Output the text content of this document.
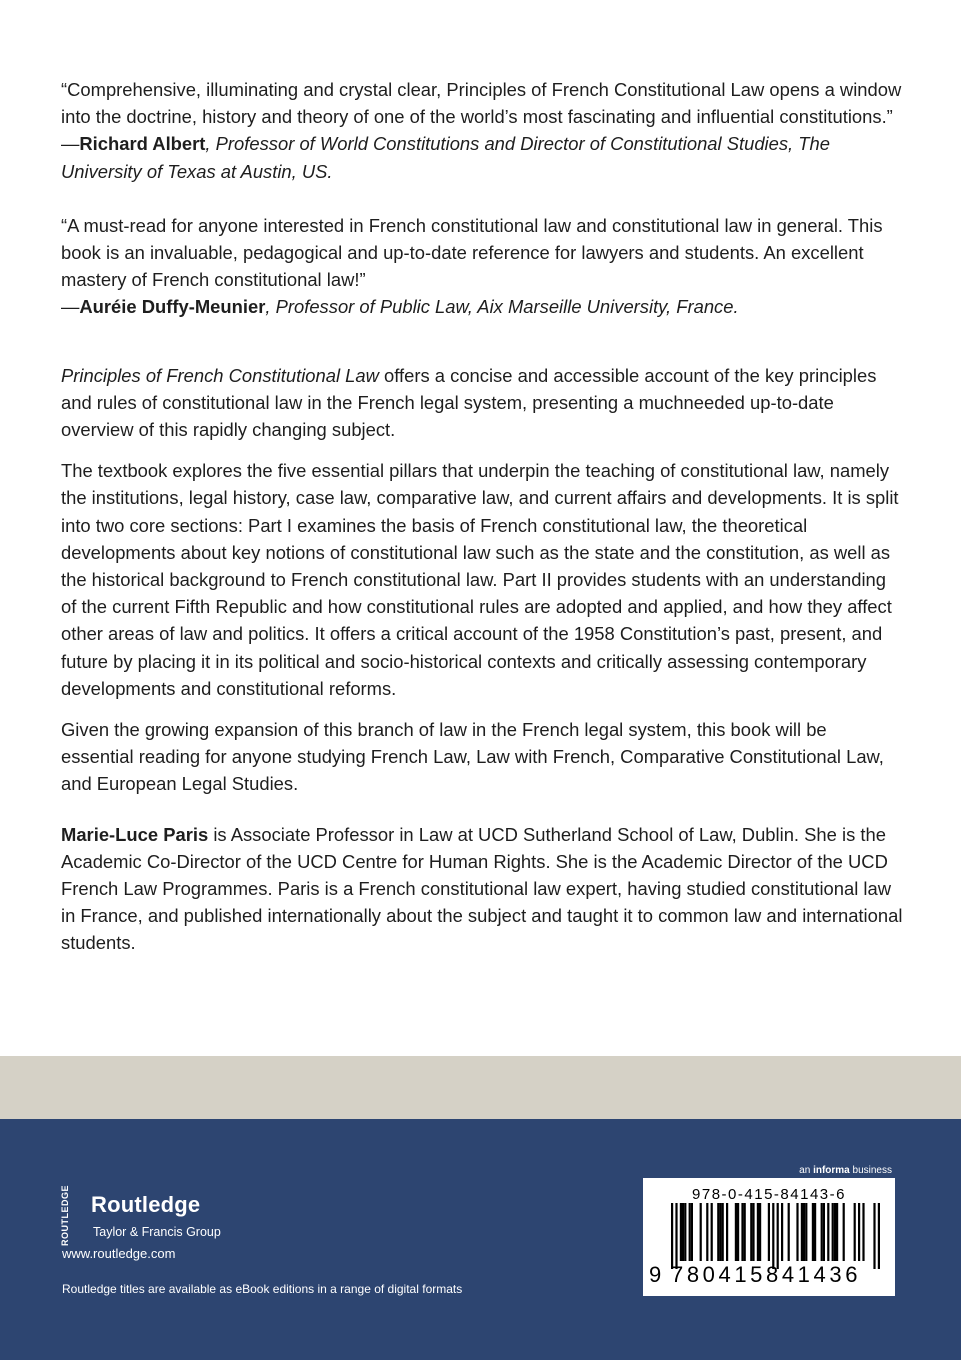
“Comprehensive, illuminating and crystal clear, Principles of French Constitutional Law opens a window into the doctrine, history and theory of one of the world’s most fascinating and influential constitutions.”
—Richard Albert, Professor of World Constitutions and Director of Constitutional Studies, The University of Texas at Austin, US.

“A must-read for anyone interested in French constitutional law and constitutional law in general. This book is an invaluable, pedagogical and up-to-date reference for lawyers and students. An excellent mastery of French constitutional law!”
—Auréie Duffy-Meunier, Professor of Public Law, Aix Marseille University, France.

Principles of French Constitutional Law offers a concise and accessible account of the key principles and rules of constitutional law in the French legal system, presenting a muchneeded up-to-date overview of this rapidly changing subject.

The textbook explores the five essential pillars that underpin the teaching of constitutional law, namely the institutions, legal history, case law, comparative law, and current affairs and developments. It is split into two core sections: Part I examines the basis of French constitutional law, the theoretical developments about key notions of constitutional law such as the state and the constitution, as well as the historical background to French constitutional law. Part II provides students with an understanding of the current Fifth Republic and how constitutional rules are adopted and applied, and how they affect other areas of law and politics. It offers a critical account of the 1958 Constitution’s past, present, and future by placing it in its political and socio-historical contexts and critically assessing contemporary developments and constitutional reforms.

Given the growing expansion of this branch of law in the French legal system, this book will be essential reading for anyone studying French Law, Law with French, Comparative Constitutional Law, and European Legal Studies.

Marie-Luce Paris is Associate Professor in Law at UCD Sutherland School of Law, Dublin. She is the Academic Co-Director of the UCD Centre for Human Rights. She is the Academic Director of the UCD French Law Programmes. Paris is a French constitutional law expert, having studied constitutional law in France, and published internationally about the subject and taught it to common law and international students.

ROUTLEDGE Routledge
Taylor & Francis Group
www.routledge.com
Routledge titles are available as eBook editions in a range of digital formats
an informa business
978-0-415-84143-6
9 780415841436
